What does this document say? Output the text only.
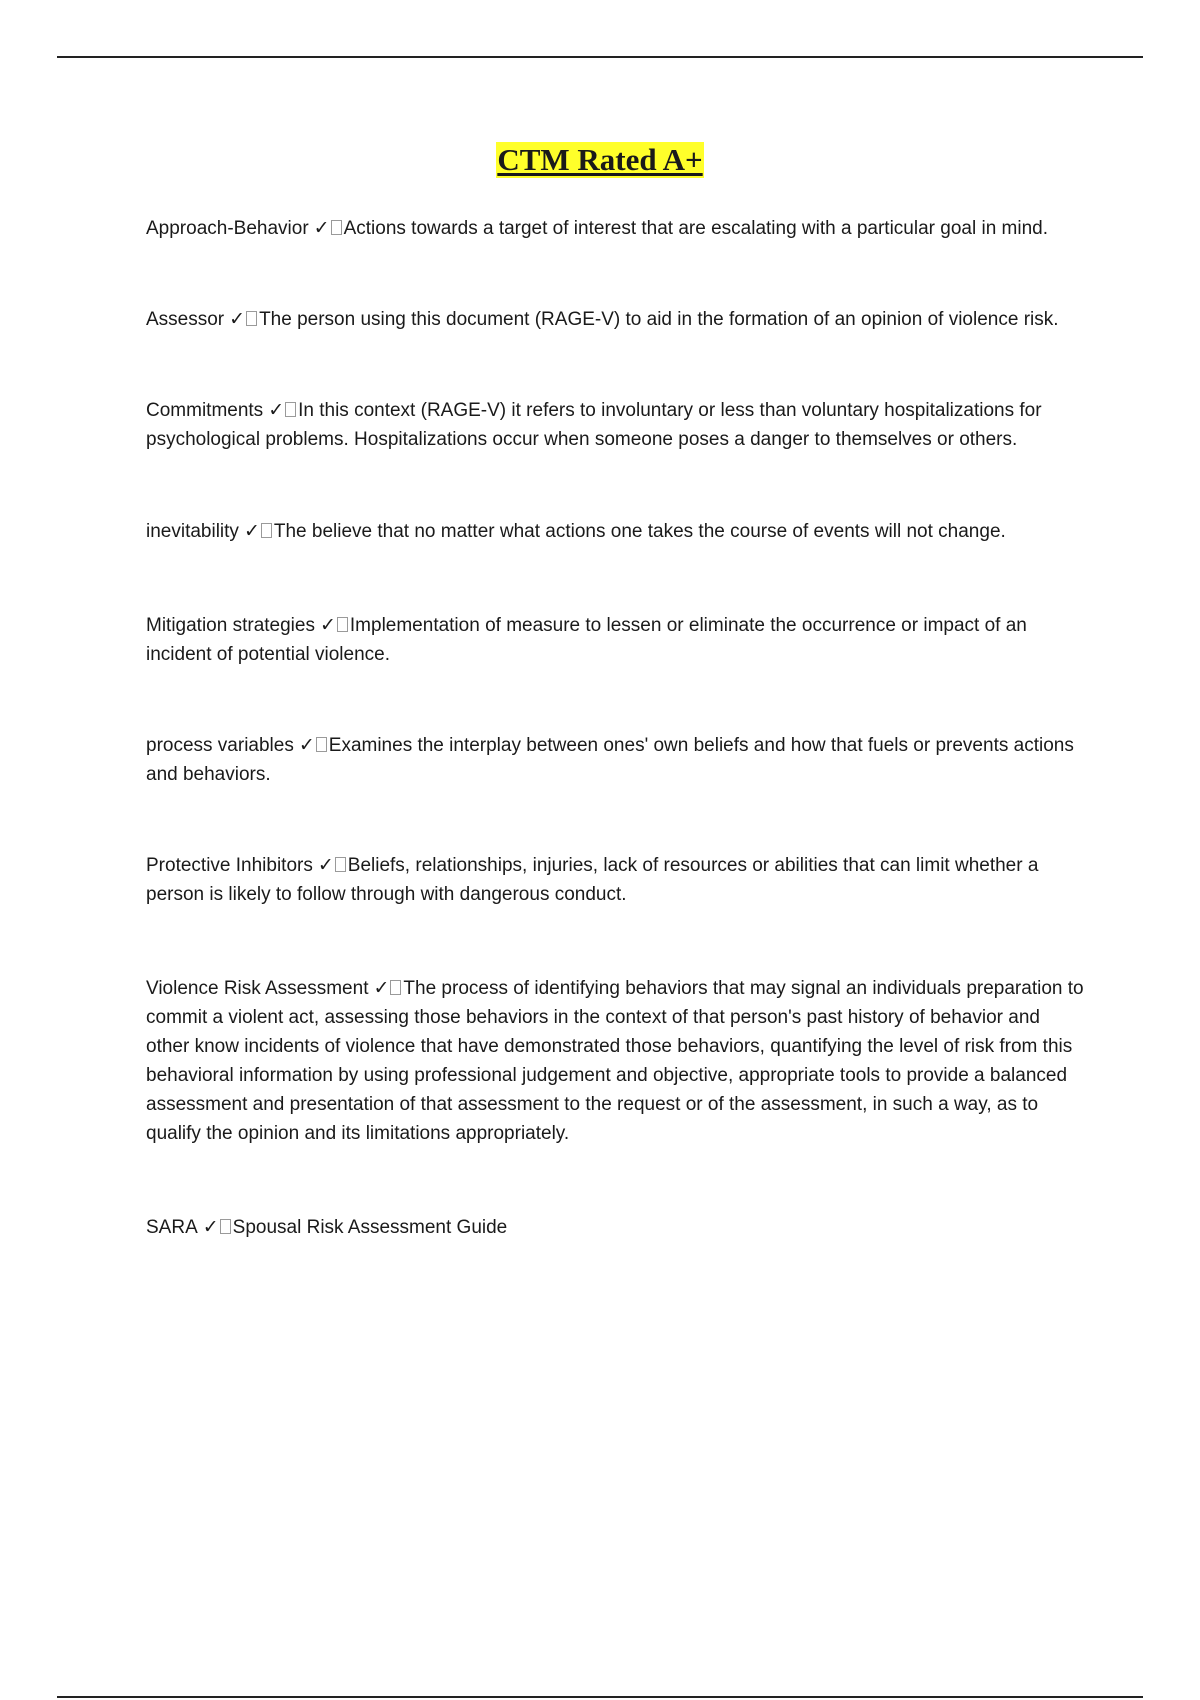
CTM Rated A+

Approach-Behavior ✓ Actions towards a target of interest that are escalating with a particular goal in mind.

Assessor ✓ The person using this document (RAGE-V) to aid in the formation of an opinion of violence risk.

Commitments ✓ In this context (RAGE-V) it refers to involuntary or less than voluntary hospitalizations for psychological problems. Hospitalizations occur when someone poses a danger to themselves or others.

inevitability ✓ The believe that no matter what actions one takes the course of events will not change.

Mitigation strategies ✓ Implementation of measure to lessen or eliminate the occurrence or impact of an incident of potential violence.

process variables ✓ Examines the interplay between ones' own beliefs and how that fuels or prevents actions and behaviors.

Protective Inhibitors ✓ Beliefs, relationships, injuries, lack of resources or abilities that can limit whether a person is likely to follow through with dangerous conduct.

Violence Risk Assessment ✓ The process of identifying behaviors that may signal an individuals preparation to commit a violent act, assessing those behaviors in the context of that person's past history of behavior and other know incidents of violence that have demonstrated those behaviors, quantifying the level of risk from this behavioral information by using professional judgement and objective, appropriate tools to provide a balanced assessment and presentation of that assessment to the request or of the assessment, in such a way, as to qualify the opinion and its limitations appropriately.

SARA ✓ Spousal Risk Assessment Guide
